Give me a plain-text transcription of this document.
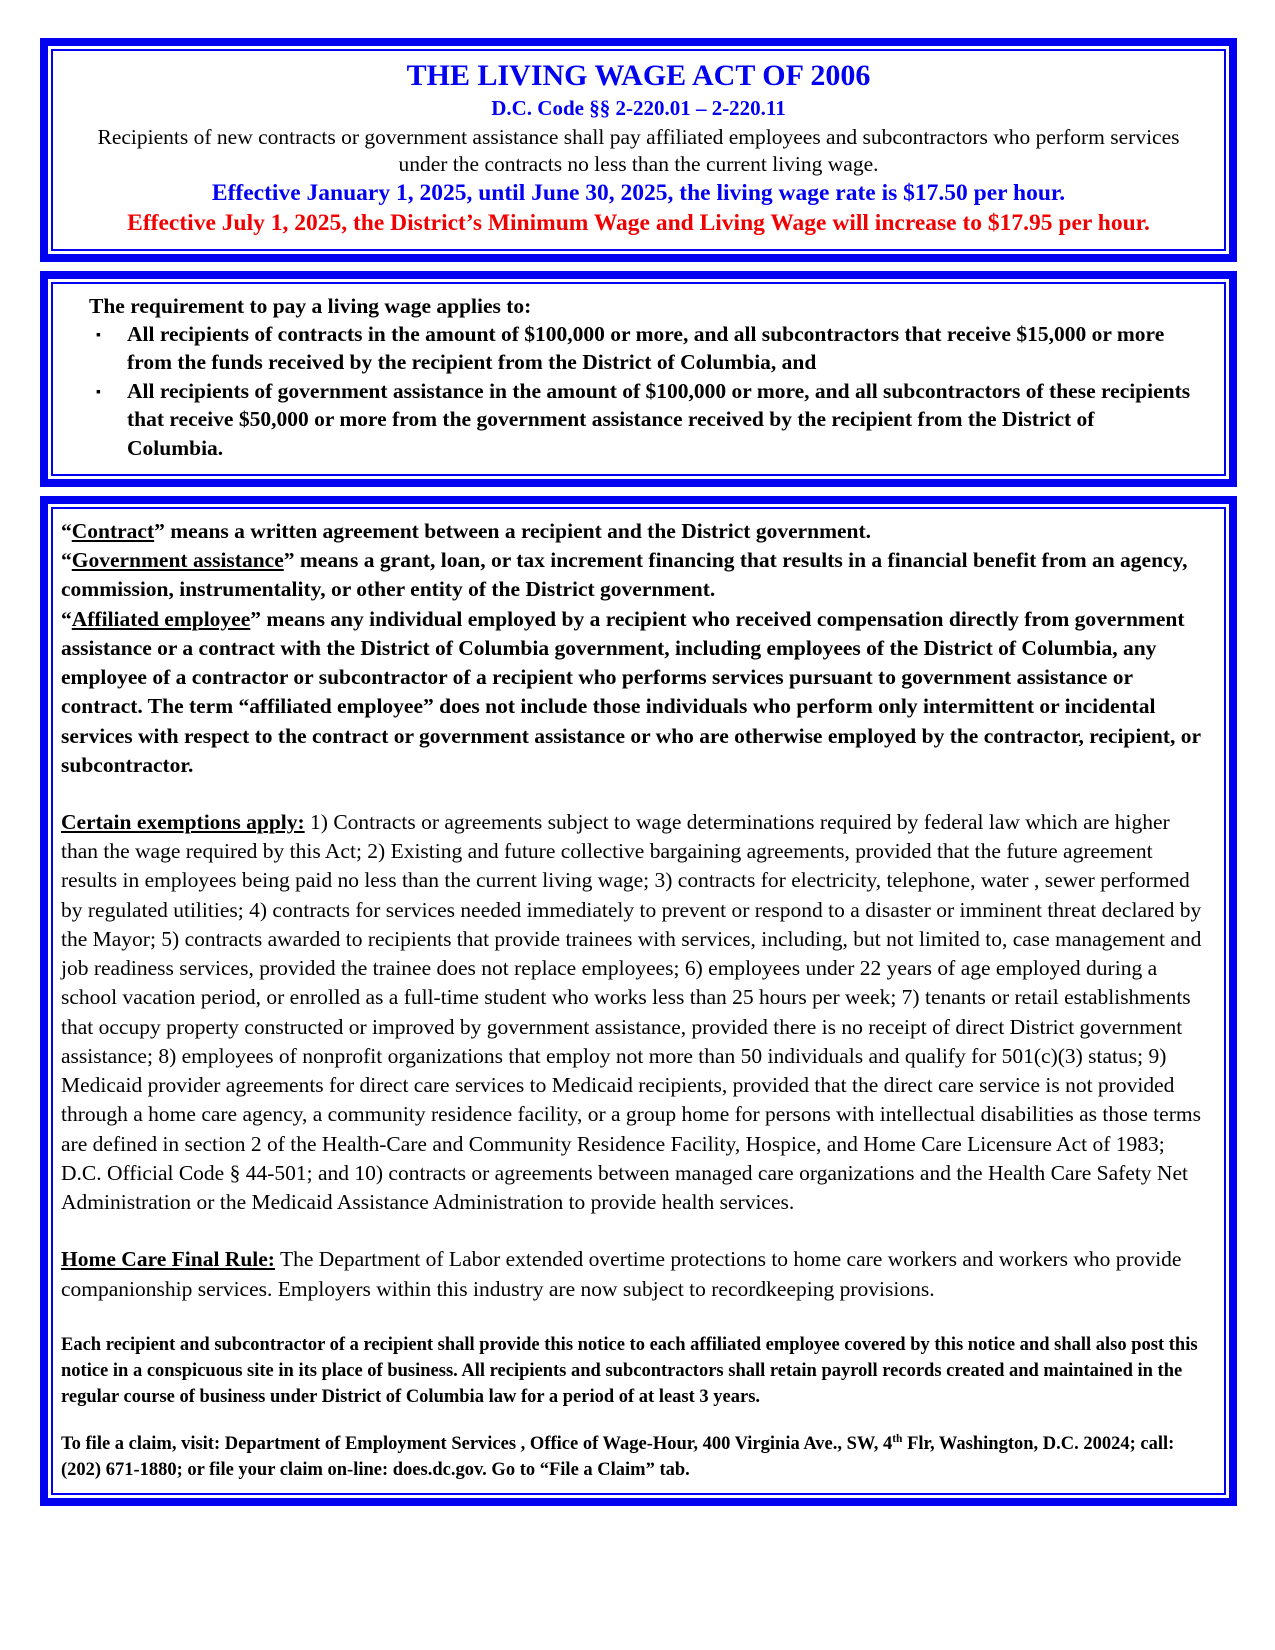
THE LIVING WAGE ACT OF 2006
D.C. Code §§ 2-220.01 – 2-220.11

Recipients of new contracts or government assistance shall pay affiliated employees and subcontractors who perform services under the contracts no less than the current living wage.

Effective January 1, 2025, until June 30, 2025, the living wage rate is $17.50 per hour.

Effective July 1, 2025, the District’s Minimum Wage and Living Wage will increase to $17.95 per hour.

The requirement to pay a living wage applies to:

▪ All recipients of contracts in the amount of $100,000 or more, and all subcontractors that receive $15,000 or more from the funds received by the recipient from the District of Columbia, and
▪ All recipients of government assistance in the amount of $100,000 or more, and all subcontractors of these recipients that receive $50,000 or more from the government assistance received by the recipient from the District of Columbia.

“Contract” means a written agreement between a recipient and the District government.

“Government assistance” means a grant, loan, or tax increment financing that results in a financial benefit from an agency, commission, instrumentality, or other entity of the District government.

“Affiliated employee” means any individual employed by a recipient who received compensation directly from government assistance or a contract with the District of Columbia government, including employees of the District of Columbia, any employee of a contractor or subcontractor of a recipient who performs services pursuant to government assistance or contract. The term “affiliated employee” does not include those individuals who perform only intermittent or incidental services with respect to the contract or government assistance or who are otherwise employed by the contractor, recipient, or subcontractor.

Certain exemptions apply: 1) Contracts or agreements subject to wage determinations required by federal law which are higher than the wage required by this Act; 2) Existing and future collective bargaining agreements, provided that the future agreement results in employees being paid no less than the current living wage; 3) contracts for electricity, telephone, water , sewer performed by regulated utilities; 4) contracts for services needed immediately to prevent or respond to a disaster or imminent threat declared by the Mayor; 5) contracts awarded to recipients that provide trainees with services, including, but not limited to, case management and job readiness services, provided the trainee does not replace employees; 6) employees under 22 years of age employed during a school vacation period, or enrolled as a full-time student who works less than 25 hours per week; 7) tenants or retail establishments that occupy property constructed or improved by government assistance, provided there is no receipt of direct District government assistance; 8) employees of nonprofit organizations that employ not more than 50 individuals and qualify for 501(c)(3) status; 9) Medicaid provider agreements for direct care services to Medicaid recipients, provided that the direct care service is not provided through a home care agency, a community residence facility, or a group home for persons with intellectual disabilities as those terms are defined in section 2 of the Health-Care and Community Residence Facility, Hospice, and Home Care Licensure Act of 1983; D.C. Official Code § 44-501; and 10) contracts or agreements between managed care organizations and the Health Care Safety Net Administration or the Medicaid Assistance Administration to provide health services.

Home Care Final Rule: The Department of Labor extended overtime protections to home care workers and workers who provide companionship services. Employers within this industry are now subject to recordkeeping provisions.

Each recipient and subcontractor of a recipient shall provide this notice to each affiliated employee covered by this notice and shall also post this notice in a conspicuous site in its place of business. All recipients and subcontractors shall retain payroll records created and maintained in the regular course of business under District of Columbia law for a period of at least 3 years.

To file a claim, visit: Department of Employment Services , Office of Wage-Hour, 400 Virginia Ave., SW, 4th Flr, Washington, D.C. 20024; call: (202) 671-1880; or file your claim on-line: does.dc.gov. Go to “File a Claim” tab.
